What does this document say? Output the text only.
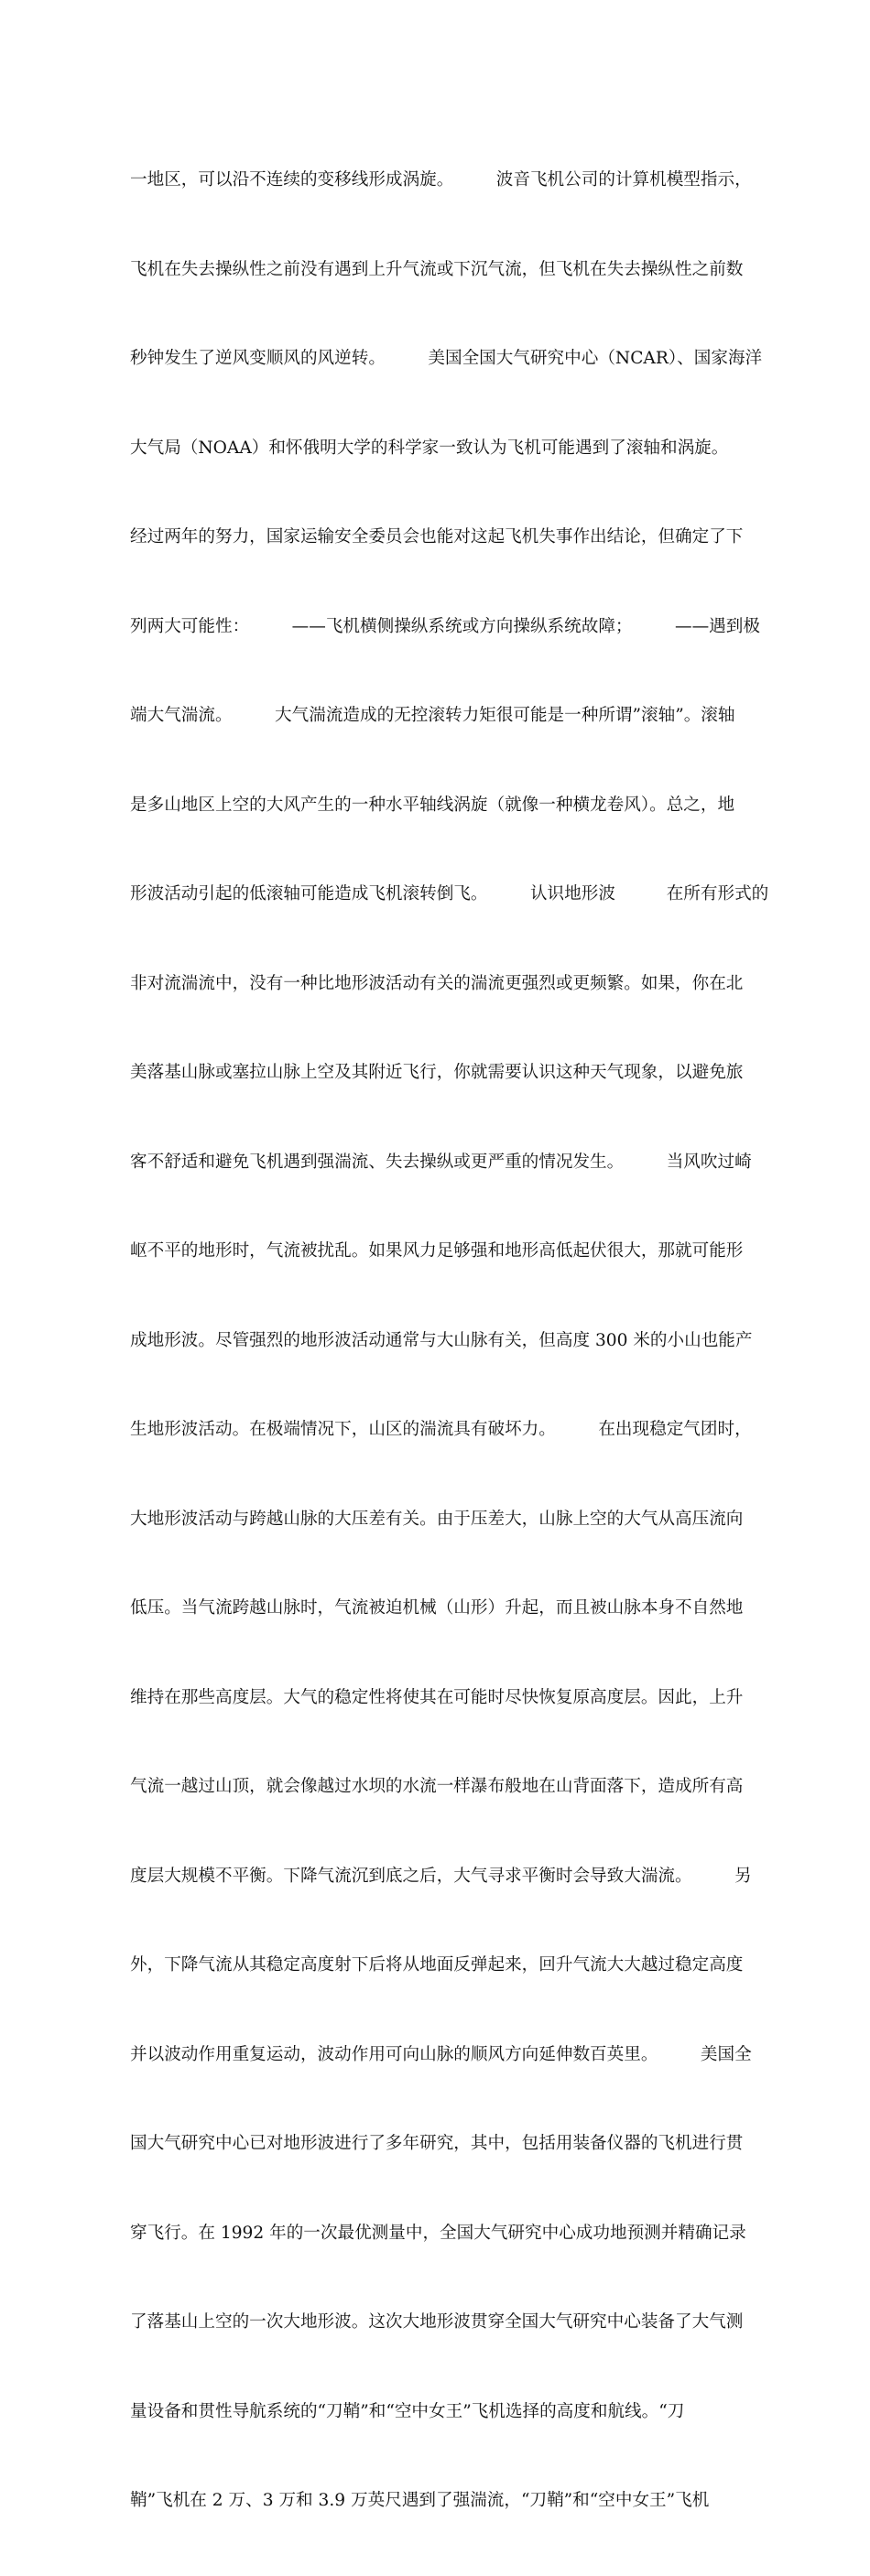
一地区，可以沿不连续的变移线形成涡旋。　　　波音飞机公司的计算机模型指示，

飞机在失去操纵性之前没有遇到上升气流或下沉气流，但飞机在失去操纵性之前数

秒钟发生了逆风变顺风的风逆转。　　　美国全国大气研究中心（NCAR）、国家海洋

大气局（NOAA）和怀俄明大学的科学家一致认为飞机可能遇到了滚轴和涡旋。

经过两年的努力，国家运输安全委员会也能对这起飞机失事作出结论，但确定了下

列两大可能性：　　　——飞机横侧操纵系统或方向操纵系统故障；　　　——遇到极

端大气湍流。　　　大气湍流造成的无控滚转力矩很可能是一种所谓”滚轴”。滚轴

是多山地区上空的大风产生的一种水平轴线涡旋（就像一种横龙卷风）。总之，地

形波活动引起的低滚轴可能造成飞机滚转倒飞。　　　认识地形波　　　在所有形式的

非对流湍流中，没有一种比地形波活动有关的湍流更强烈或更频繁。如果，你在北

美落基山脉或塞拉山脉上空及其附近飞行，你就需要认识这种天气现象，以避免旅

客不舒适和避免飞机遇到强湍流、失去操纵或更严重的情况发生。　　　当风吹过崎

岖不平的地形时，气流被扰乱。如果风力足够强和地形高低起伏很大，那就可能形

成地形波。尽管强烈的地形波活动通常与大山脉有关，但高度 300 米的小山也能产

生地形波活动。在极端情况下，山区的湍流具有破坏力。　　　在出现稳定气团时，

大地形波活动与跨越山脉的大压差有关。由于压差大，山脉上空的大气从高压流向

低压。当气流跨越山脉时，气流被迫机械（山形）升起，而且被山脉本身不自然地

维持在那些高度层。大气的稳定性将使其在可能时尽快恢复原高度层。因此，上升

气流一越过山顶，就会像越过水坝的水流一样瀑布般地在山背面落下，造成所有高

度层大规模不平衡。下降气流沉到底之后，大气寻求平衡时会导致大湍流。　　　另

外，下降气流从其稳定高度射下后将从地面反弹起来，回升气流大大越过稳定高度

并以波动作用重复运动，波动作用可向山脉的顺风方向延伸数百英里。　　　美国全

国大气研究中心已对地形波进行了多年研究，其中，包括用装备仪器的飞机进行贯

穿飞行。在 1992 年的一次最优测量中，全国大气研究中心成功地预测并精确记录

了落基山上空的一次大地形波。这次大地形波贯穿全国大气研究中心装备了大气测

量设备和贯性导航系统的“刀鞘”和“空中女王”飞机选择的高度和航线。“刀

鞘”飞机在 2 万、3 万和 3.9 万英尺遇到了强湍流，“刀鞘”和“空中女王”飞机
